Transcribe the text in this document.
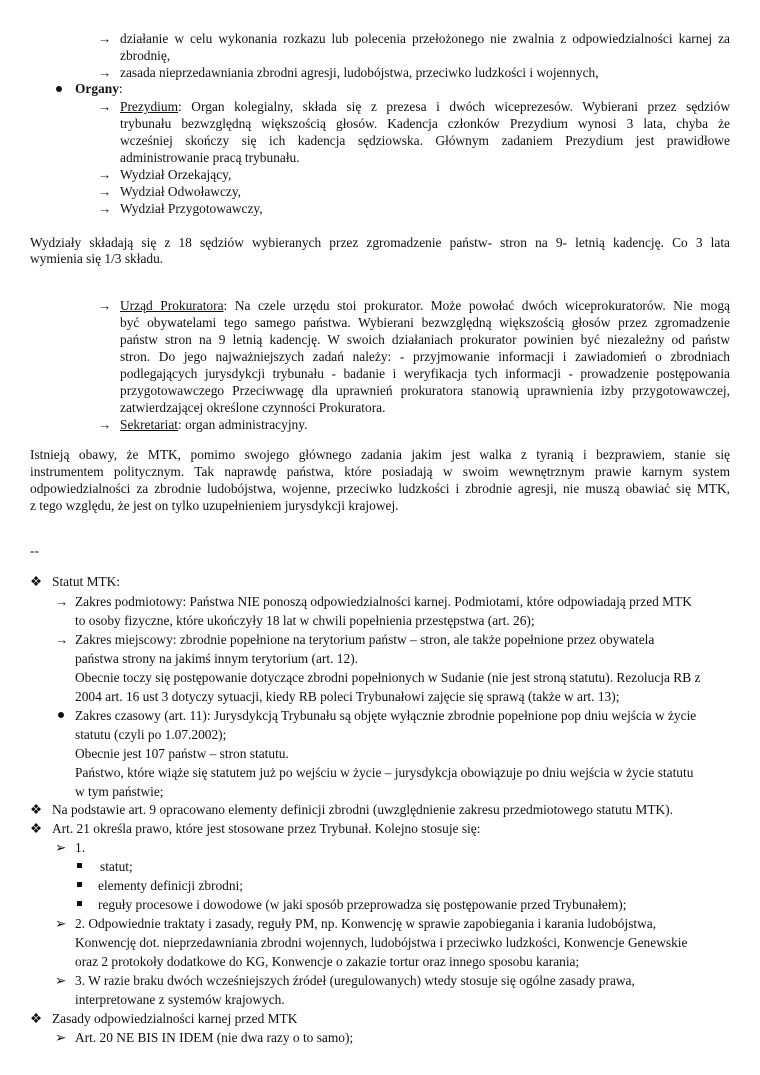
→ działanie w celu wykonania rozkazu lub polecenia przełożonego nie zwalnia z odpowiedzialności karnej za
zbrodnię,
→ zasada nieprzedawniania zbrodni agresji, ludobójstwa, przeciwko ludzkości i wojennych,
Organy:
→ Prezydium: Organ kolegialny, składa się z prezesa i dwóch wiceprezesów. Wybierani przez sędziów
trybunału bezwzględną większością głosów. Kadencja członków Prezydium wynosi 3 lata, chyba że
wcześniej skończy się ich kadencja sędziowska. Głównym zadaniem Prezydium jest prawidłowe
administrowanie pracą trybunału.
→ Wydział Orzekający,
→ Wydział Odwoławczy,
→ Wydział Przygotowawczy,
Wydziały składają się z 18 sędziów wybieranych przez zgromadzenie państw- stron na 9- letnią kadencję. Co 3 lata
wymienia się 1/3 składu.
→ Urząd Prokuratora: Na czele urzędu stoi prokurator. Może powołać dwóch wiceprokuratorów. Nie mogą
być obywatelami tego samego państwa. Wybierani bezwzględną większością głosów przez zgromadzenie
państw stron na 9 letnią kadencję. W swoich działaniach prokurator powinien być niezależny od państw
stron. Do jego najważniejszych zadań należy: - przyjmowanie informacji i zawiadomień o zbrodniach
podlegających jurysdykcji trybunału - badanie i weryfikacja tych informacji - prowadzenie postępowania
przygotowawczego Przeciwwagę dla uprawnień prokuratora stanowią uprawnienia izby przygotowawczej,
zatwierdzającej określone czynności Prokuratora.
→ Sekretariat: organ administracyjny.
Istnieją obawy, że MTK, pomimo swojego głównego zadania jakim jest walka z tyranią i bezprawiem, stanie się
instrumentem politycznym. Tak naprawdę państwa, które posiadają w swoim wewnętrznym prawie karnym system
odpowiedzialności za zbrodnie ludobójstwa, wojenne, przeciwko ludzkości i zbrodnie agresji, nie muszą obawiać się MTK,
z tego względu, że jest on tylko uzupełnieniem jurysdykcji krajowej.
--
❖ Statut MTK:
→ Zakres podmiotowy: Państwa NIE ponoszą odpowiedzialności karnej. Podmiotami, które odpowiadają przed MTK
to osoby fizyczne, które ukończyły 18 lat w chwili popełnienia przestępstwa (art. 26);
→ Zakres miejscowy: zbrodnie popełnione na terytorium państw – stron, ale także popełnione przez obywatela
państwa strony na jakimś innym terytorium (art. 12).
Obecnie toczy się postępowanie dotyczące zbrodni popełnionych w Sudanie (nie jest stroną statutu). Rezolucja RB z
2004 art. 16 ust 3 dotyczy sytuacji, kiedy RB poleci Trybunałowi zajęcie się sprawą (także w art. 13);
Zakres czasowy (art. 11): Jurysdykcją Trybunału są objęte wyłącznie zbrodnie popełnione pop dniu wejścia w życie
statutu (czyli po 1.07.2002);
Obecnie jest 107 państw – stron statutu.
Państwo, które wiąże się statutem już po wejściu w życie – jurysdykcja obowiązuje po dniu wejścia w życie statutu
w tym państwie;
❖ Na podstawie art. 9 opracowano elementy definicji zbrodni (uwzględnienie zakresu przedmiotowego statutu MTK).
❖ Art. 21 określa prawo, które jest stosowane przez Trybunał. Kolejno stosuje się:
➢ 1.
statut;
elementy definicji zbrodni;
reguły procesowe i dowodowe (w jaki sposób przeprowadza się postępowanie przed Trybunałem);
➢ 2. Odpowiednie traktaty i zasady, reguły PM, np. Konwencję w sprawie zapobiegania i karania ludobójstwa,
Konwencję dot. nieprzedawniania zbrodni wojennych, ludobójstwa i przeciwko ludzkości, Konwencje Genewskie
oraz 2 protokoły dodatkowe do KG, Konwencje o zakazie tortur oraz innego sposobu karania;
➢ 3. W razie braku dwóch wcześniejszych źródeł (uregulowanych) wtedy stosuje się ogólne zasady prawa,
interpretowane z systemów krajowych.
❖ Zasady odpowiedzialności karnej przed MTK
➢ Art. 20 NE BIS IN IDEM (nie dwa razy o to samo);
